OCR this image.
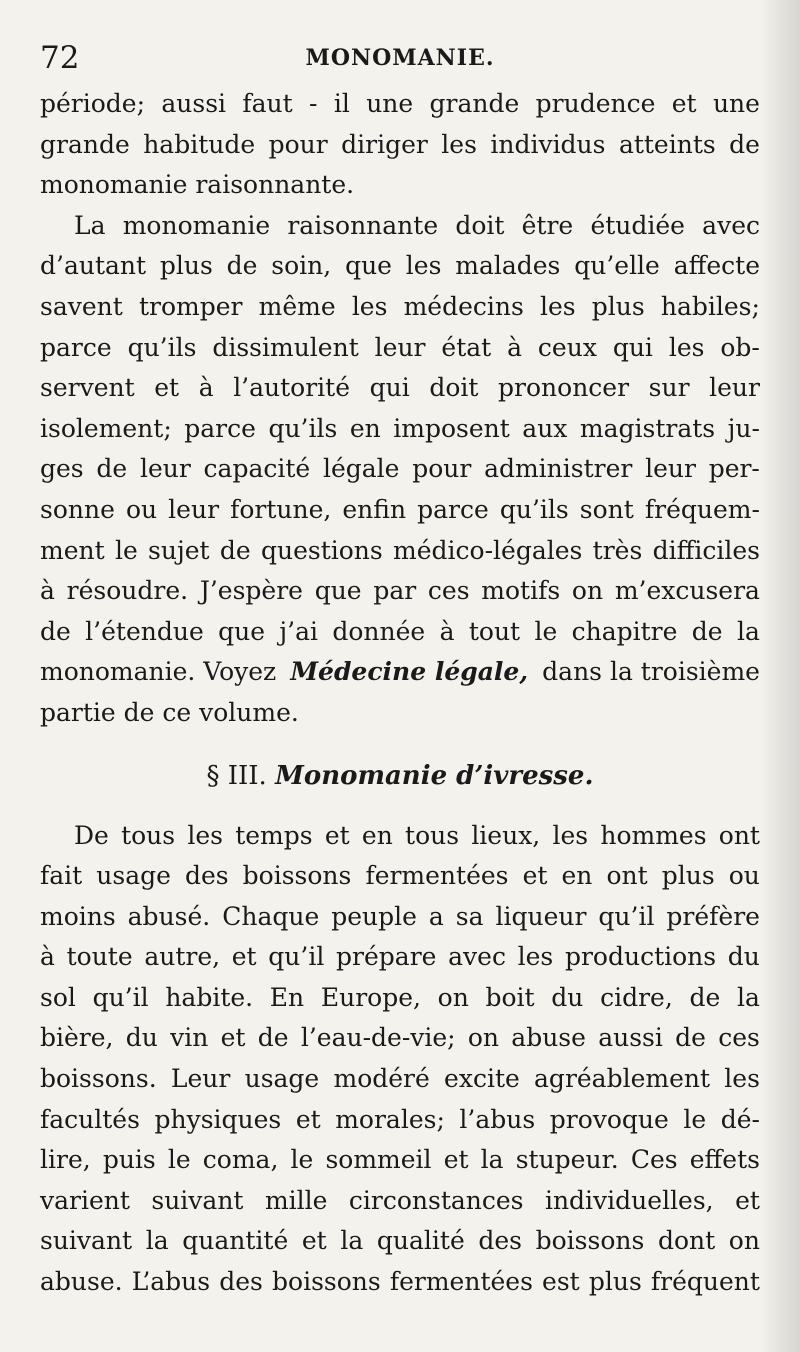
72	MONOMANIE.
période; aussi faut - il une grande prudence et une
grande habitude pour diriger les individus atteints de
monomanie raisonnante.
La monomanie raisonnante doit être étudiée avec
d’autant plus de soin, que les malades qu’elle affecte
savent tromper même les médecins les plus habiles;
parce qu’ils dissimulent leur état à ceux qui les ob-
servent et à l’autorité qui doit prononcer sur leur
isolement; parce qu’ils en imposent aux magistrats ju-
ges de leur capacité légale pour administrer leur per-
sonne ou leur fortune, enfin parce qu’ils sont fréquem-
ment le sujet de questions médico-légales très difficiles
à résoudre. J’espère que par ces motifs on m’excusera
de l’étendue que j’ai donnée à tout le chapitre de la
monomanie. Voyez Médecine légale, dans la troisième
partie de ce volume.
§ III. Monomanie d’ivresse.
De tous les temps et en tous lieux, les hommes ont
fait usage des boissons fermentées et en ont plus ou
moins abusé. Chaque peuple a sa liqueur qu’il préfère
à toute autre, et qu’il prépare avec les productions du
sol qu’il habite. En Europe, on boit du cidre, de la
bière, du vin et de l’eau-de-vie; on abuse aussi de ces
boissons. Leur usage modéré excite agréablement les
facultés physiques et morales; l’abus provoque le dé-
lire, puis le coma, le sommeil et la stupeur. Ces effets
varient suivant mille circonstances individuelles, et
suivant la quantité et la qualité des boissons dont on
abuse. L’abus des boissons fermentées est plus fréquent
